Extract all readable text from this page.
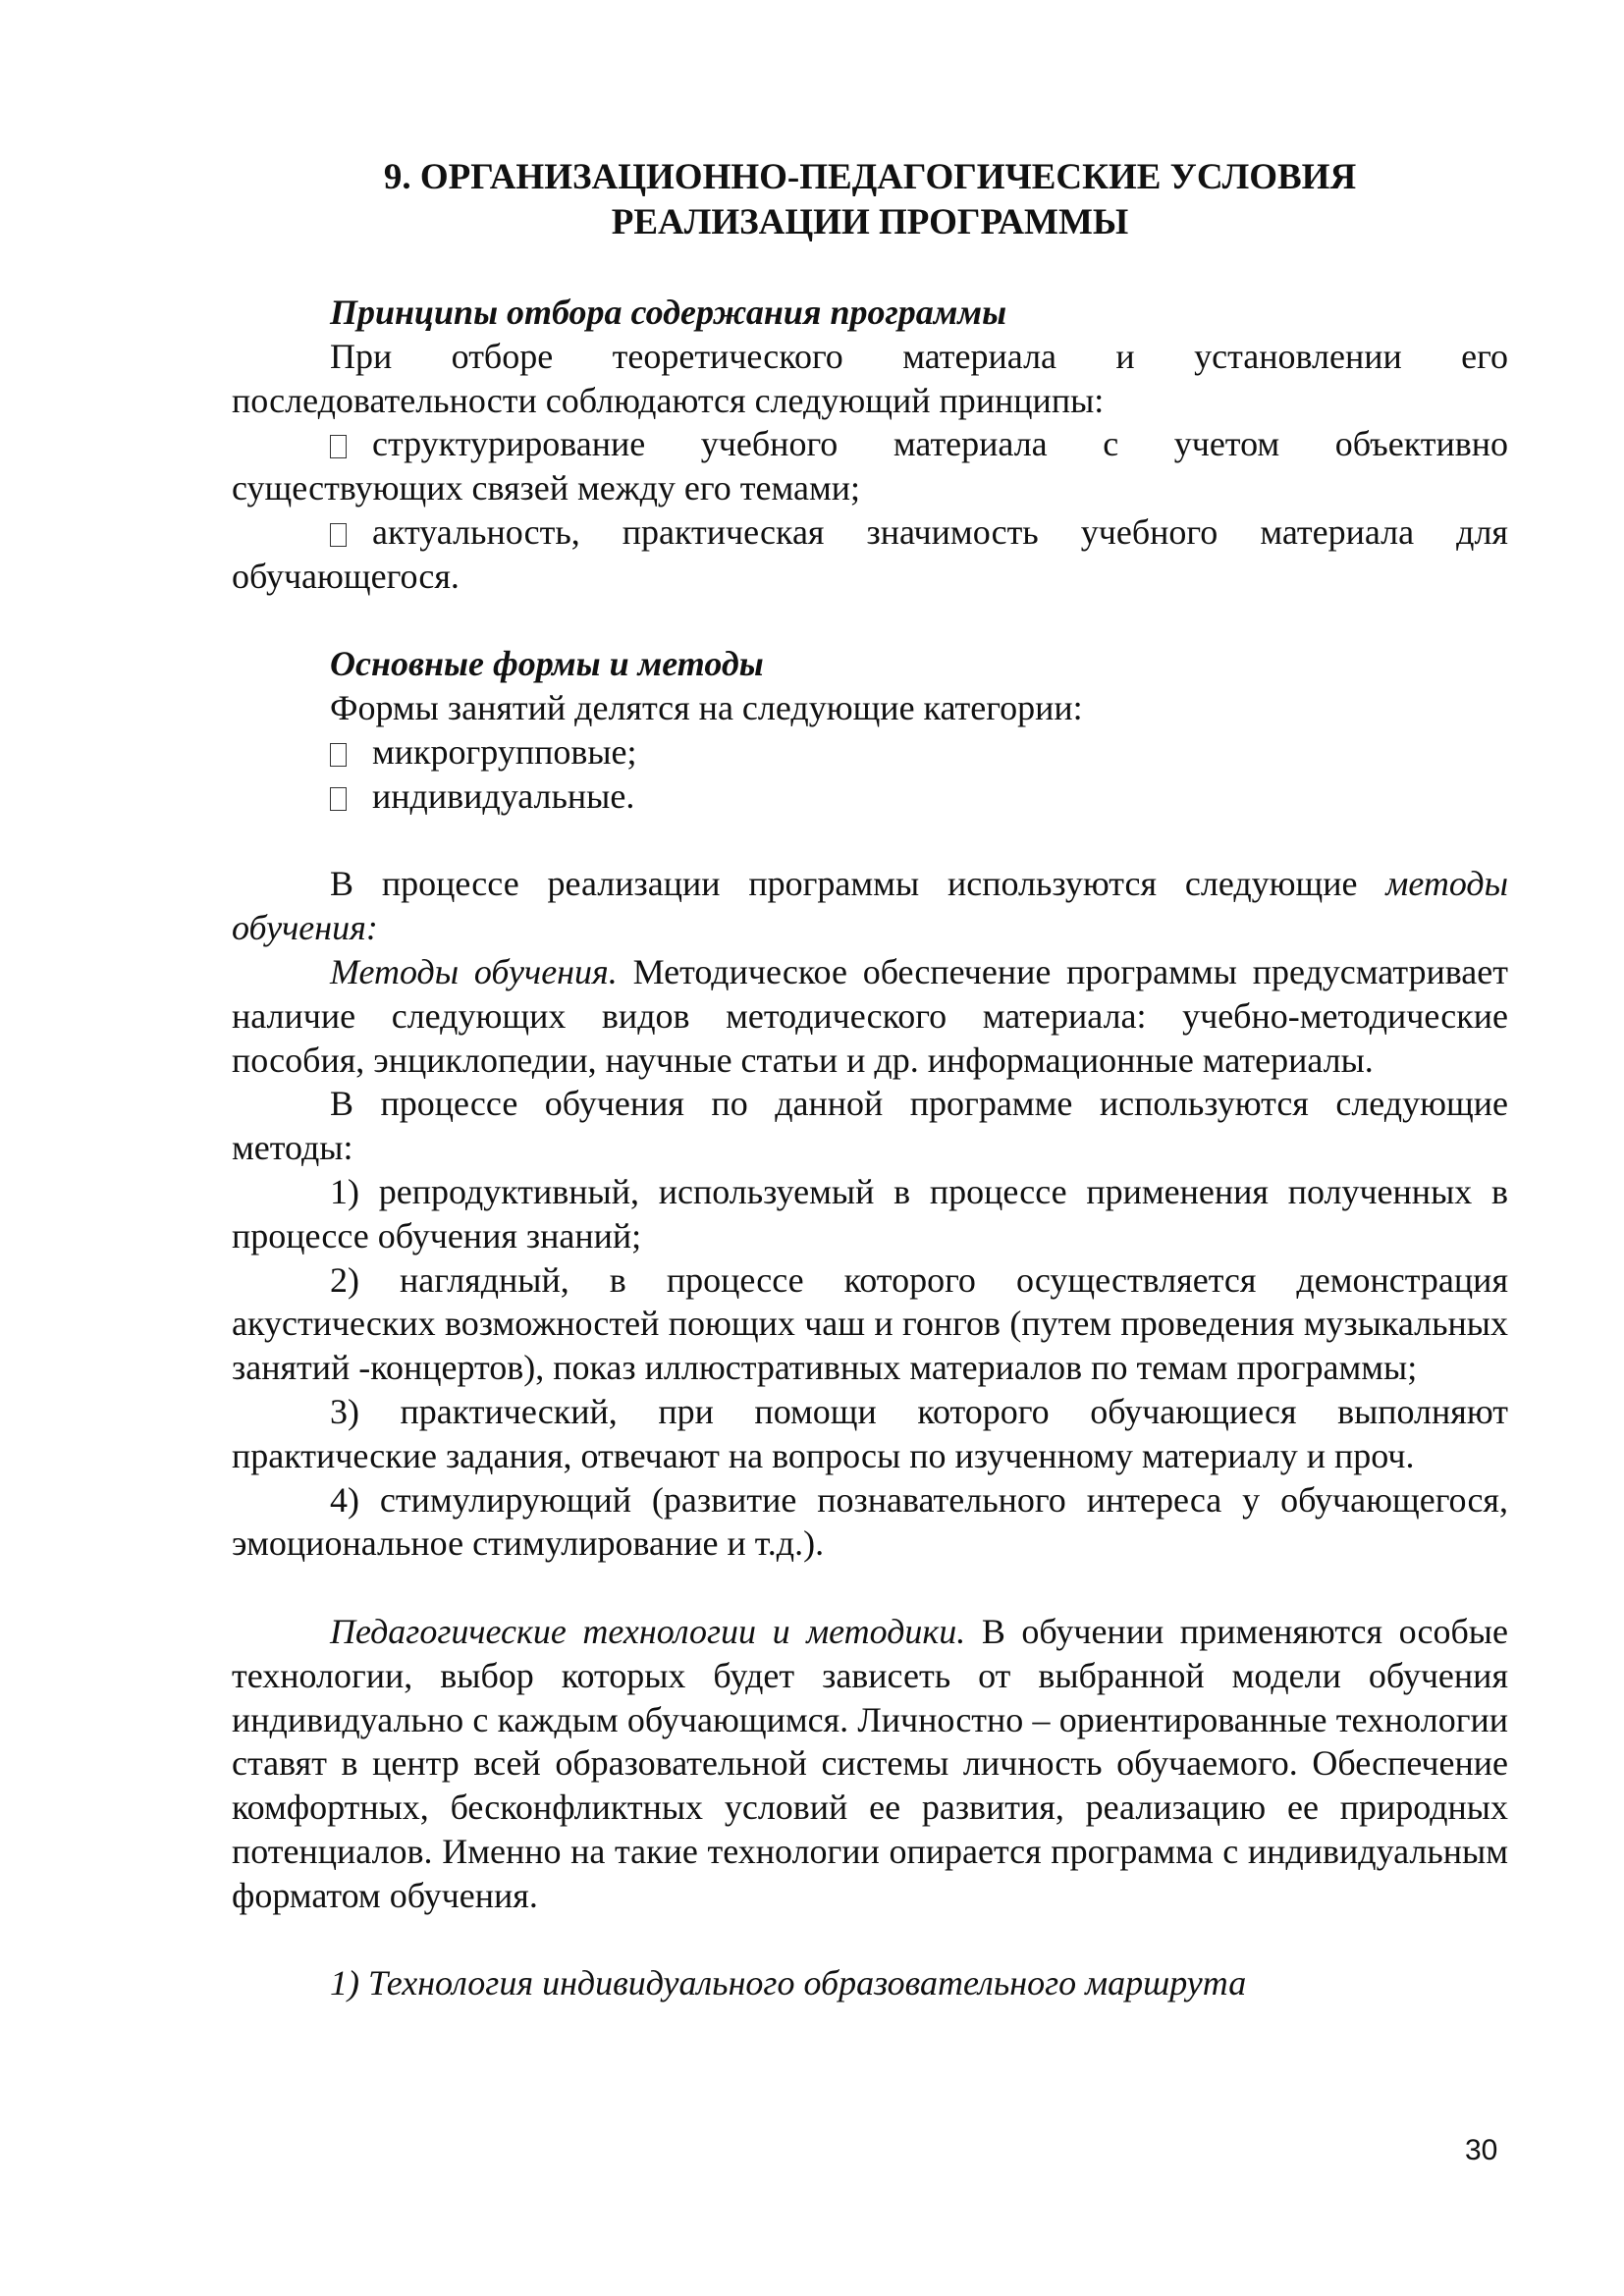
9. ОРГАНИЗАЦИОННО-ПЕДАГОГИЧЕСКИЕ УСЛОВИЯ
РЕАЛИЗАЦИИ ПРОГРАММЫ

Принципы отбора содержания программы

При отборе теоретического материала и установлении его последовательности соблюдаются следующий принципы:

структурирование учебного материала с учетом объективно существующих связей между его темами;

актуальность, практическая значимость учебного материала для обучающегося.

Основные формы и методы

Формы занятий делятся на следующие категории:

микрогрупповые;

индивидуальные.

В процессе реализации программы используются следующие методы обучения:

Методы обучения. Методическое обеспечение программы предусматривает наличие следующих видов методического материала: учебно-методические пособия, энциклопедии, научные статьи и др. информационные материалы.

В процессе обучения по данной программе используются следующие методы:

1) репродуктивный, используемый в процессе применения полученных в процессе обучения знаний;

2) наглядный, в процессе которого осуществляется демонстрация акустических возможностей поющих чаш и гонгов (путем проведения музыкальных занятий -концертов), показ иллюстративных материалов по темам программы;

3) практический, при помощи которого обучающиеся выполняют практические задания, отвечают на вопросы по изученному материалу и проч.

4) стимулирующий (развитие познавательного интереса у обучающегося, эмоциональное стимулирование и т.д.).

Педагогические технологии и методики. В обучении применяются особые технологии, выбор которых будет зависеть от выбранной модели обучения индивидуально с каждым обучающимся. Личностно – ориентированные технологии ставят в центр всей образовательной системы личность обучаемого. Обеспечение комфортных, бесконфликтных условий ее развития, реализацию ее природных потенциалов. Именно на такие технологии опирается программа с индивидуальным форматом обучения.

1) Технология индивидуального образовательного маршрута

30
